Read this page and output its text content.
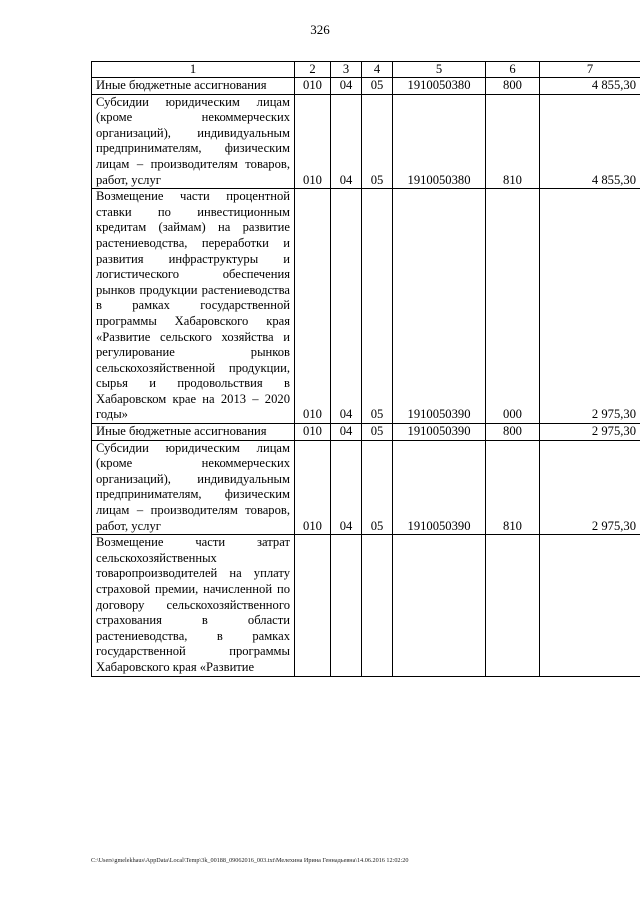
326
1	2	3	4	5	6	7
Иные бюджетные ассигнования	010	04	05	1910050380	800	4 855,30
Субсидии юридическим лицам (кроме некоммерческих организаций), индивидуальным предпринимателям, физическим лицам – производителям товаров, работ, услуг	010	04	05	1910050380	810	4 855,30
Возмещение части процентной ставки по инвестиционным кредитам (займам) на развитие растениеводства, переработки и развития инфраструктуры и логистического обеспечения рынков продукции растениеводства в рамках государственной программы Хабаровского края «Развитие сельского хозяйства и регулирование рынков сельскохозяйственной продукции, сырья и продовольствия в Хабаровском крае на 2013 – 2020 годы»	010	04	05	1910050390	000	2 975,30
Иные бюджетные ассигнования	010	04	05	1910050390	800	2 975,30
Субсидии юридическим лицам (кроме некоммерческих организаций), индивидуальным предпринимателям, физическим лицам – производителям товаров, работ, услуг	010	04	05	1910050390	810	2 975,30
Возмещение части затрат сельскохозяйственных товаропроизводителей на уплату страховой премии, начисленной по договору сельскохозяйственного страхования в области растениеводства, в рамках государственной программы Хабаровского края «Развитие						
C:\Users\gmelekhaus\AppData\Local\Temp\3k_00188_09062016_003.txt\Мелехина Ирина Геннадьевна\14.06.2016 12:02:20
